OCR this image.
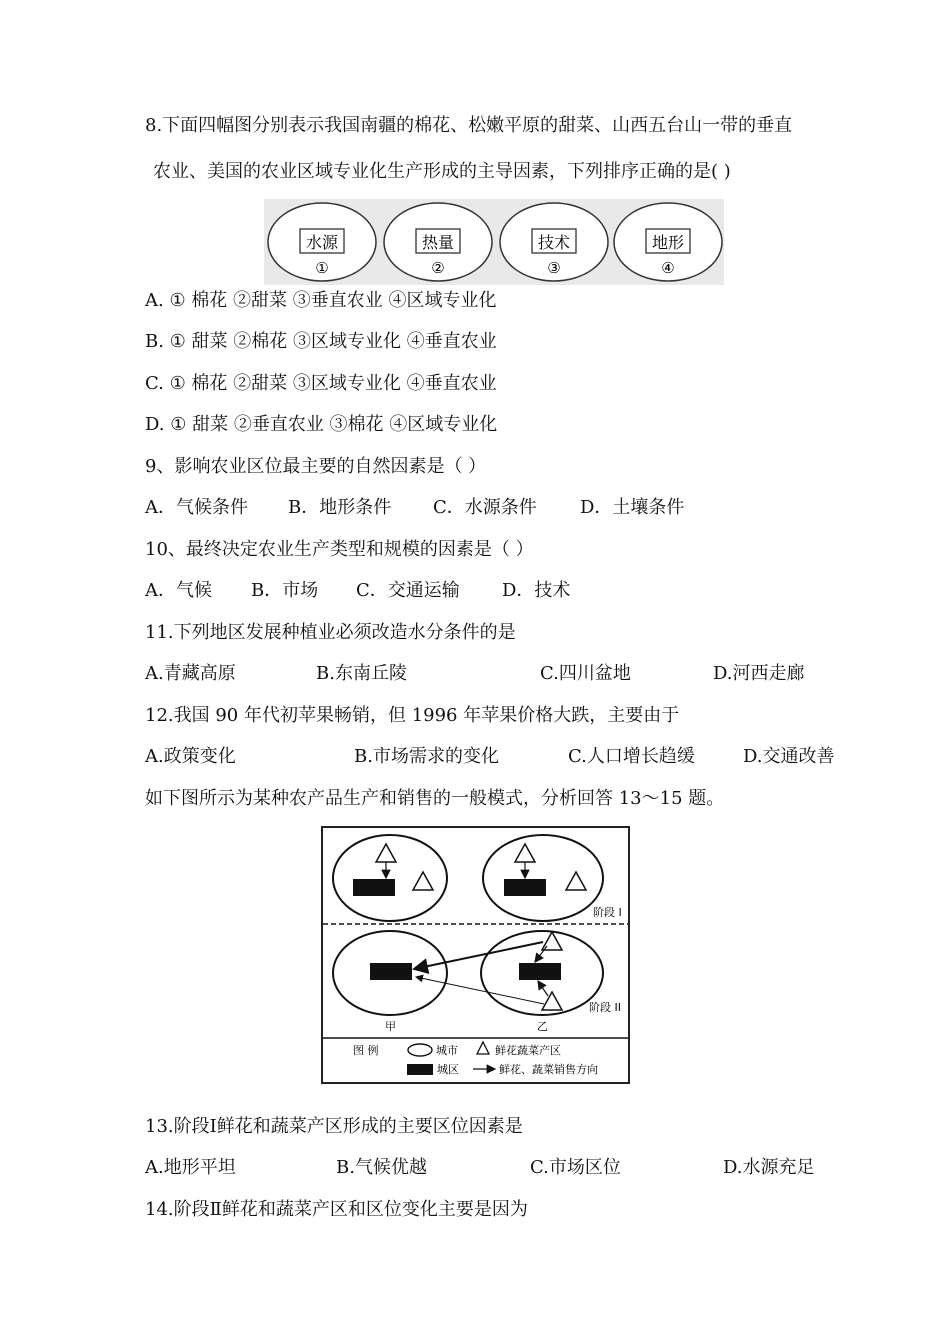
8.下面四幅图分别表示我国南疆的棉花、松嫩平原的甜菜、山西五台山一带的垂直
农业、美国的农业区域专业化生产形成的主导因素，下列排序正确的是( )
水源
①
热量
②
技术
③
地形
④
A. ① 棉花 ②甜菜 ③垂直农业 ④区域专业化
B. ① 甜菜 ②棉花 ③区域专业化 ④垂直农业
C. ① 棉花 ②甜菜 ③区域专业化 ④垂直农业
D. ① 甜菜 ②垂直农业 ③棉花 ④区域专业化
9、影响农业区位最主要的自然因素是（ ）
A．气候条件 B．地形条件 C．水源条件 D．土壤条件
10、最终决定农业生产类型和规模的因素是（ ）
A．气候 B．市场 C．交通运输 D．技术
11.下列地区发展种植业必须改造水分条件的是
A.青藏高原	B.东南丘陵	C.四川盆地	D.河西走廊
12.我国 90 年代初苹果畅销，但 1996 年苹果价格大跌，主要由于
A.政策变化	B.市场需求的变化	C.人口增长趋缓	D.交通改善
如下图所示为某种农产品生产和销售的一般模式，分析回答 13～15 题。
阶段 I
阶段 II
甲	乙
图 例	城市	鲜花蔬菜产区
城区	鲜花、蔬菜销售方向
13.阶段Ⅰ鲜花和蔬菜产区形成的主要区位因素是
A.地形平坦	B.气候优越	C.市场区位	D.水源充足
14.阶段Ⅱ鲜花和蔬菜产区和区位变化主要是因为
